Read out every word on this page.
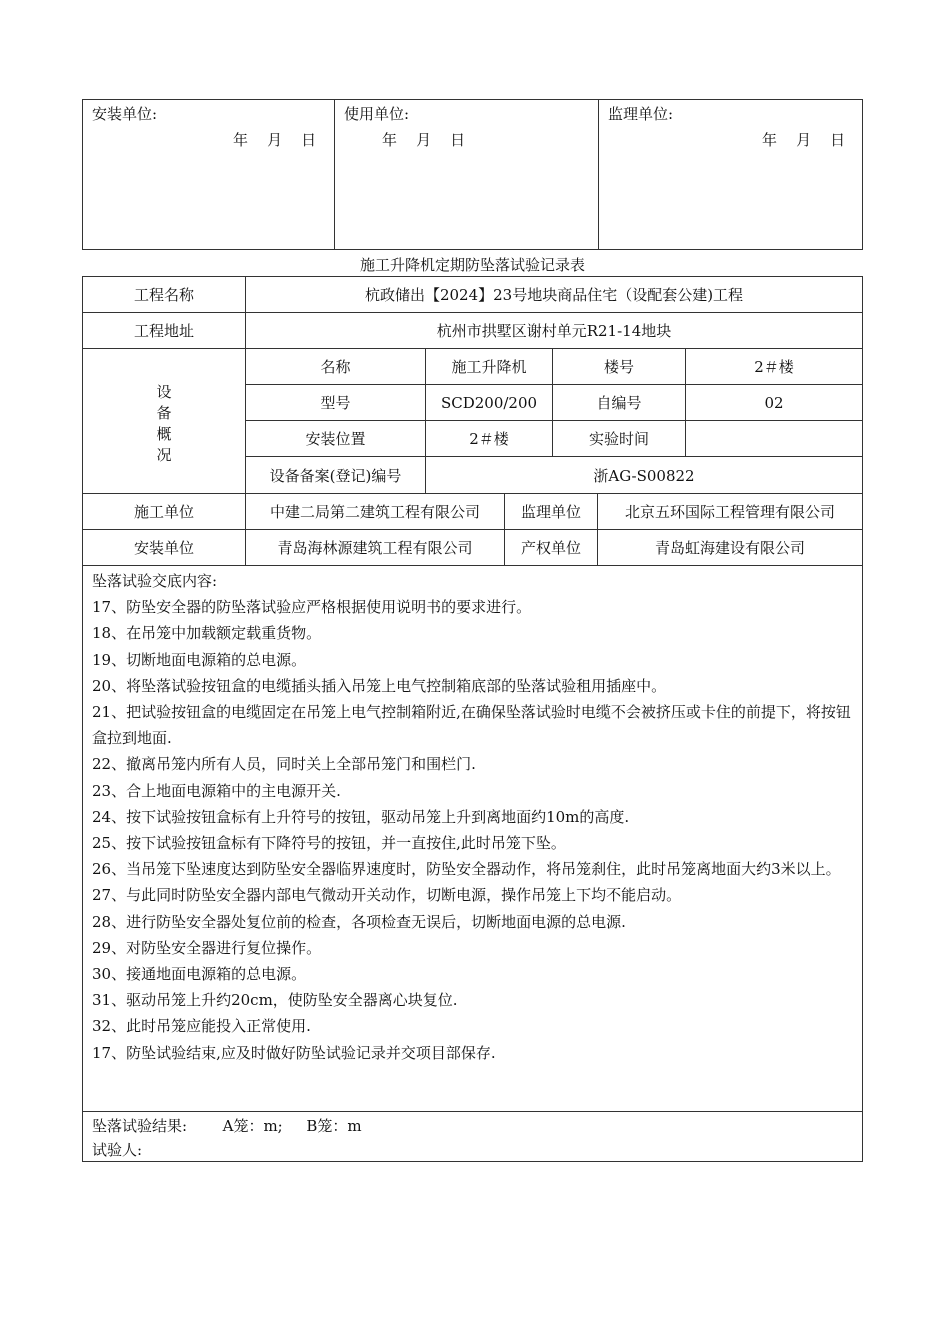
安装单位:
年    月    日
使用单位:
年    月    日
监理单位:
年    月    日
施工升降机定期防坠落试验记录表
工程名称	杭政储出【2024】23号地块商品住宅（设配套公建)工程
工程地址	杭州市拱墅区谢村单元R21-14地块
设
备
概
况
名称	施工升降机	楼号	2＃楼
型号	SCD200/200	自编号	02
安装位置	2＃楼	实验时间
设备备案(登记)编号	浙AG-S00822
施工单位	中建二局第二建筑工程有限公司	监理单位	北京五环国际工程管理有限公司
安装单位	青岛海林源建筑工程有限公司	产权单位	青岛虹海建设有限公司

坠落试验交底内容:

17、防坠安全器的防坠落试验应严格根据使用说明书的要求进行。

18、在吊笼中加载额定载重货物。

19、切断地面电源箱的总电源。

20、将坠落试验按钮盒的电缆插头插入吊笼上电气控制箱底部的坠落试验租用插座中。

21、把试验按钮盒的电缆固定在吊笼上电气控制箱附近,在确保坠落试验时电缆不会被挤压或卡住的前提下，将按钮盒拉到地面.

22、撤离吊笼内所有人员，同时关上全部吊笼门和围栏门.

23、合上地面电源箱中的主电源开关.

24、按下试验按钮盒标有上升符号的按钮，驱动吊笼上升到离地面约10m的高度.

25、按下试验按钮盒标有下降符号的按钮，并一直按住,此时吊笼下坠。

26、当吊笼下坠速度达到防坠安全器临界速度时，防坠安全器动作，将吊笼刹住，此时吊笼离地面大约3米以上。

27、与此同时防坠安全器内部电气微动开关动作，切断电源，操作吊笼上下均不能启动。

28、进行防坠安全器处复位前的检查，各项检查无误后，切断地面电源的总电源.

29、对防坠安全器进行复位操作。

30、接通地面电源箱的总电源。

31、驱动吊笼上升约20cm，使防坠安全器离心块复位.

32、此时吊笼应能投入正常使用.

17、防坠试验结束,应及时做好防坠试验记录并交项目部保存.

坠落试验结果: A笼：m; B笼：m
试验人:
